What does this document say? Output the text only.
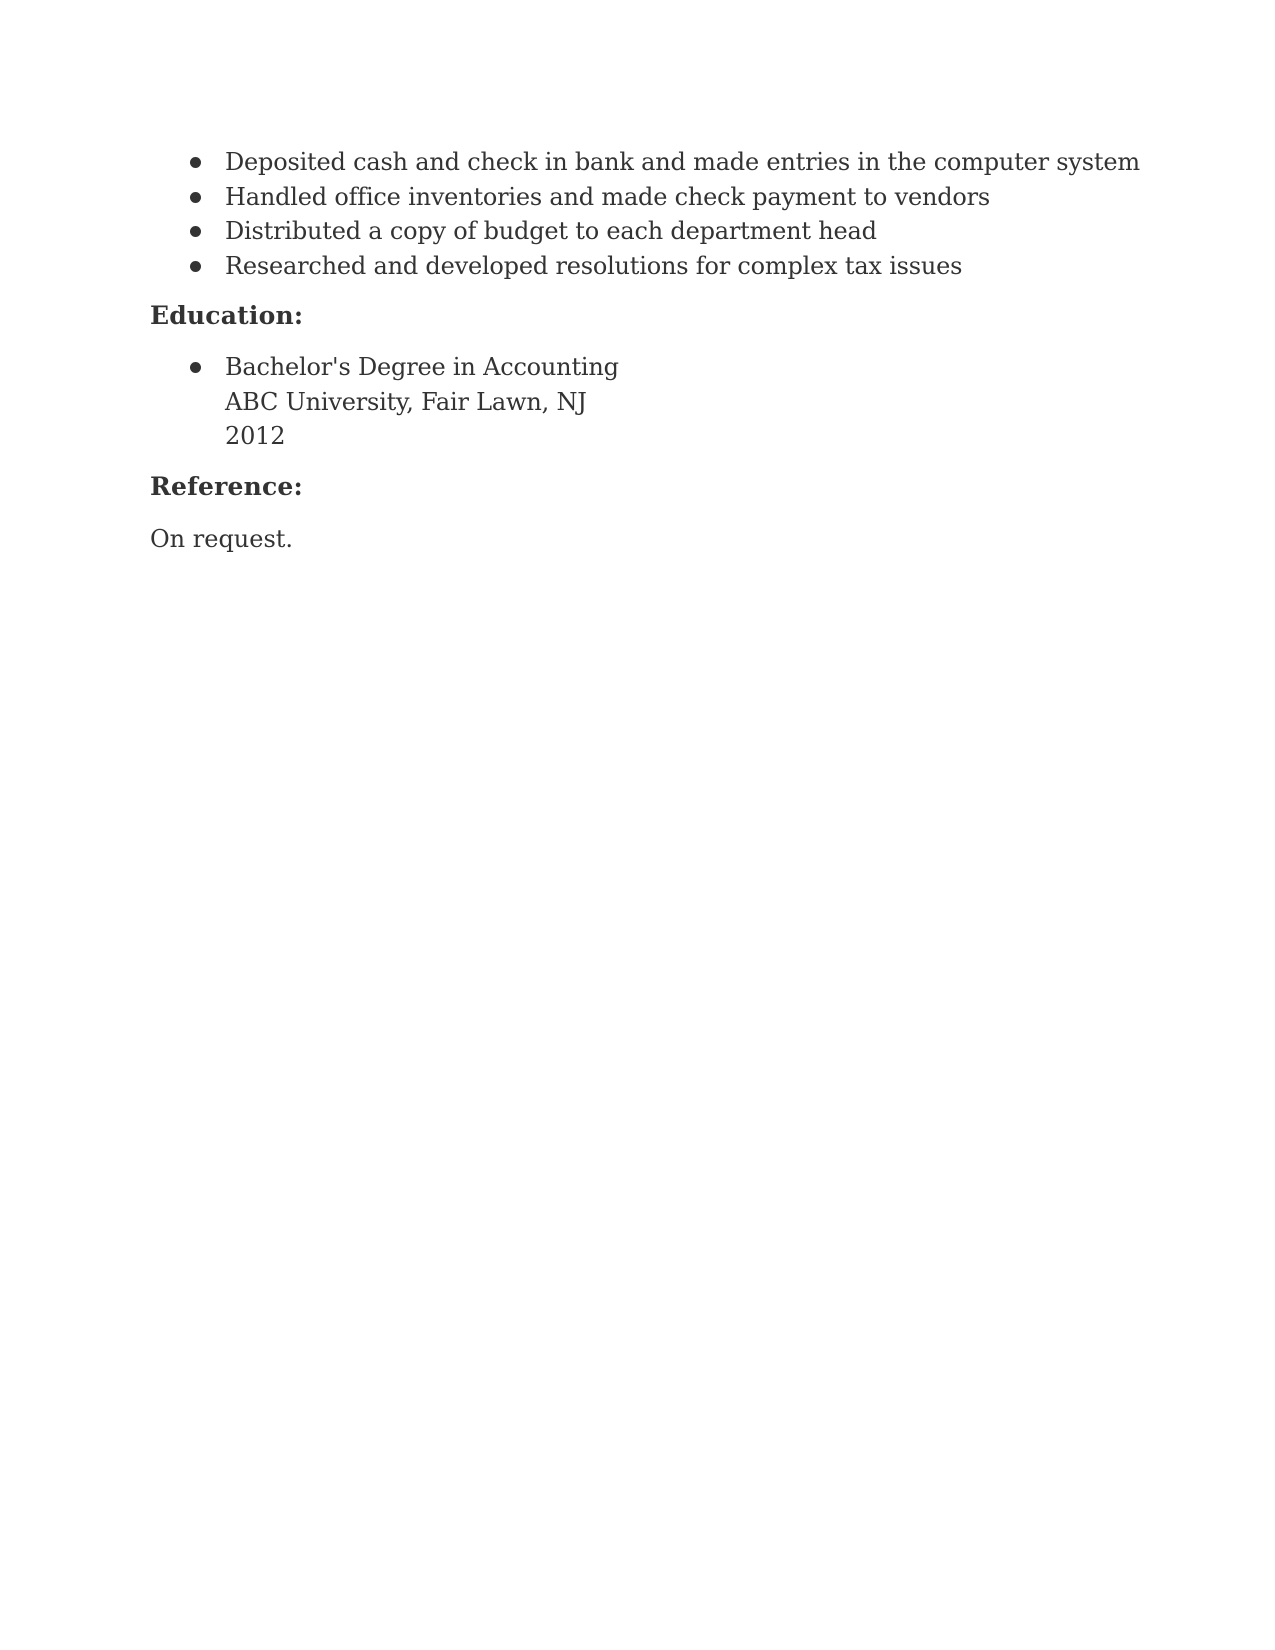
Deposited cash and check in bank and made entries in the computer system
Handled office inventories and made check payment to vendors
Distributed a copy of budget to each department head
Researched and developed resolutions for complex tax issues
Education:
Bachelor's Degree in Accounting
ABC University, Fair Lawn, NJ
2012
Reference:

On request.
